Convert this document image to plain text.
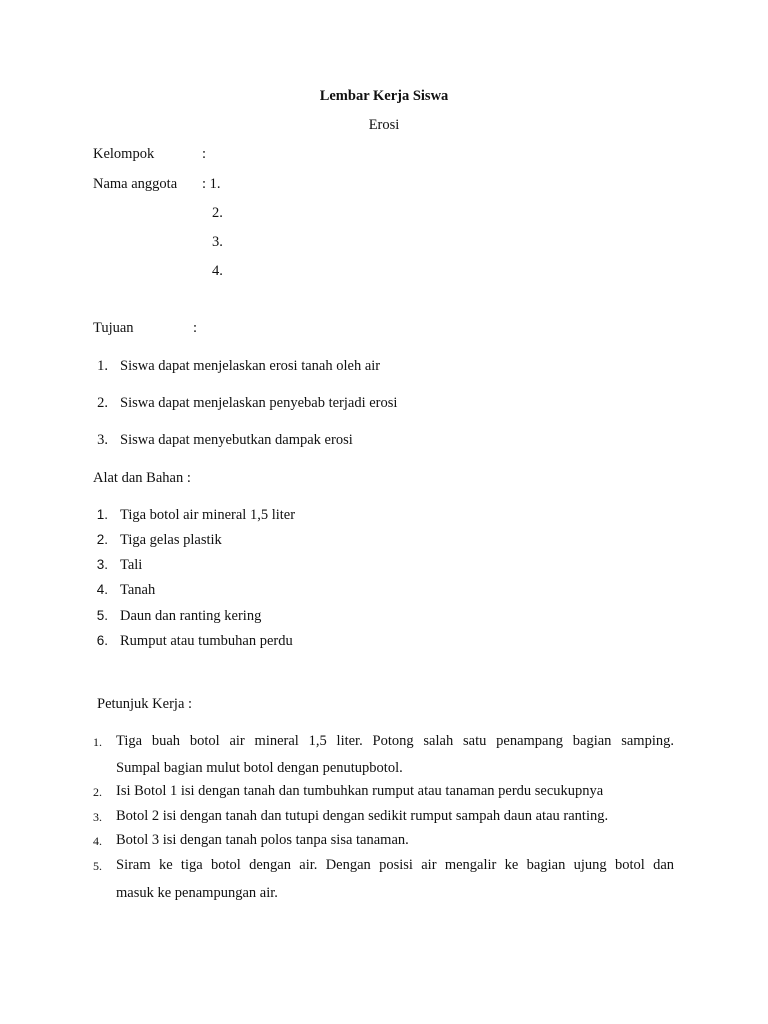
Lembar Kerja Siswa
Erosi
Kelompok	:
Nama anggota : 1.
2.
3.
4.
Tujuan	:
1. Siswa dapat menjelaskan erosi tanah oleh air
2. Siswa dapat menjelaskan penyebab terjadi erosi
3. Siswa dapat menyebutkan dampak erosi
Alat dan Bahan :
1. Tiga botol air mineral 1,5 liter
2. Tiga gelas plastik
3. Tali
4. Tanah
5. Daun dan ranting kering
6. Rumput atau tumbuhan perdu
Petunjuk Kerja :
1. Tiga buah botol air mineral 1,5 liter. Potong salah satu penampang bagian samping.
Sumpal bagian mulut botol dengan penutupbotol.
2. Isi Botol 1 isi dengan tanah dan tumbuhkan rumput atau tanaman perdu secukupnya
3. Botol 2 isi dengan tanah dan tutupi dengan sedikit rumput sampah daun atau ranting.
4. Botol 3 isi dengan tanah polos tanpa sisa tanaman.
5. Siram ke tiga botol dengan air. Dengan posisi air mengalir ke bagian ujung botol dan
masuk ke penampungan air.
